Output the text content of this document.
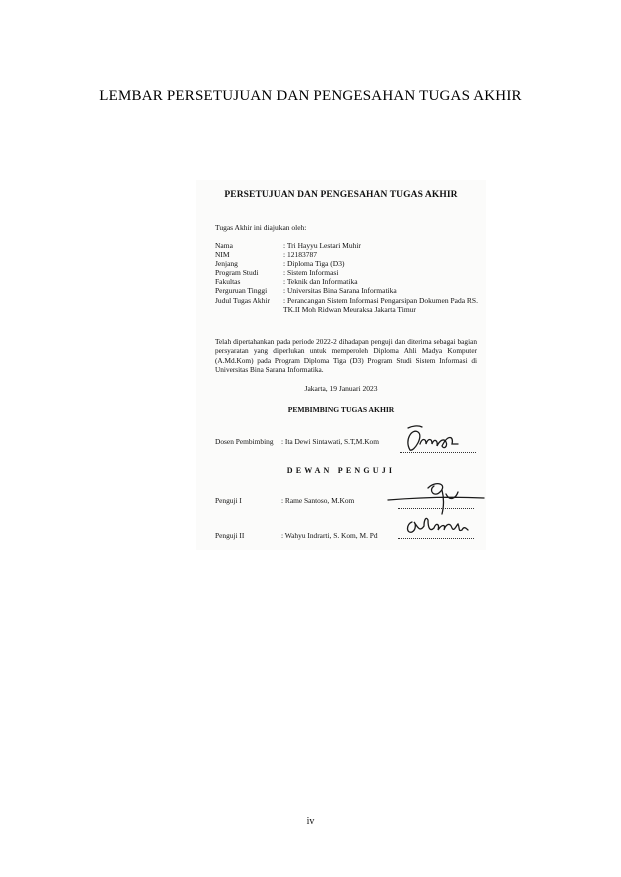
LEMBAR PERSETUJUAN DAN PENGESAHAN TUGAS AKHIR
PERSETUJUAN DAN PENGESAHAN TUGAS AKHIR
Tugas Akhir ini diajukan oleh:
Nama	: Tri Hayyu Lestari Muhir
NIM	: 12183787
Jenjang	: Diploma Tiga (D3)
Program Studi	: Sistem Informasi
Fakultas	: Teknik dan Informatika
Perguruan Tinggi	: Universitas Bina Sarana Informatika
Judul Tugas Akhir	: Perancangan Sistem Informasi Pengarsipan Dokumen Pada RS. TK.II Moh Ridwan Meuraksa Jakarta Timur
Telah dipertahankan pada periode 2022-2 dihadapan penguji dan diterima sebagai bagian persyaratan yang diperlukan untuk memperoleh Diploma Ahli Madya Komputer (A.Md.Kom) pada Program Diploma Tiga (D3) Program Studi Sistem Informasi di Universitas Bina Sarana Informatika.
Jakarta, 19 Januari 2023
PEMBIMBING TUGAS AKHIR
Dosen Pembimbing	: Ita Dewi Sintawati, S.T,M.Kom
DEWAN PENGUJI
Penguji I	: Rame Santoso, M.Kom
Penguji II	: Wahyu Indrarti, S. Kom, M. Pd
iv
